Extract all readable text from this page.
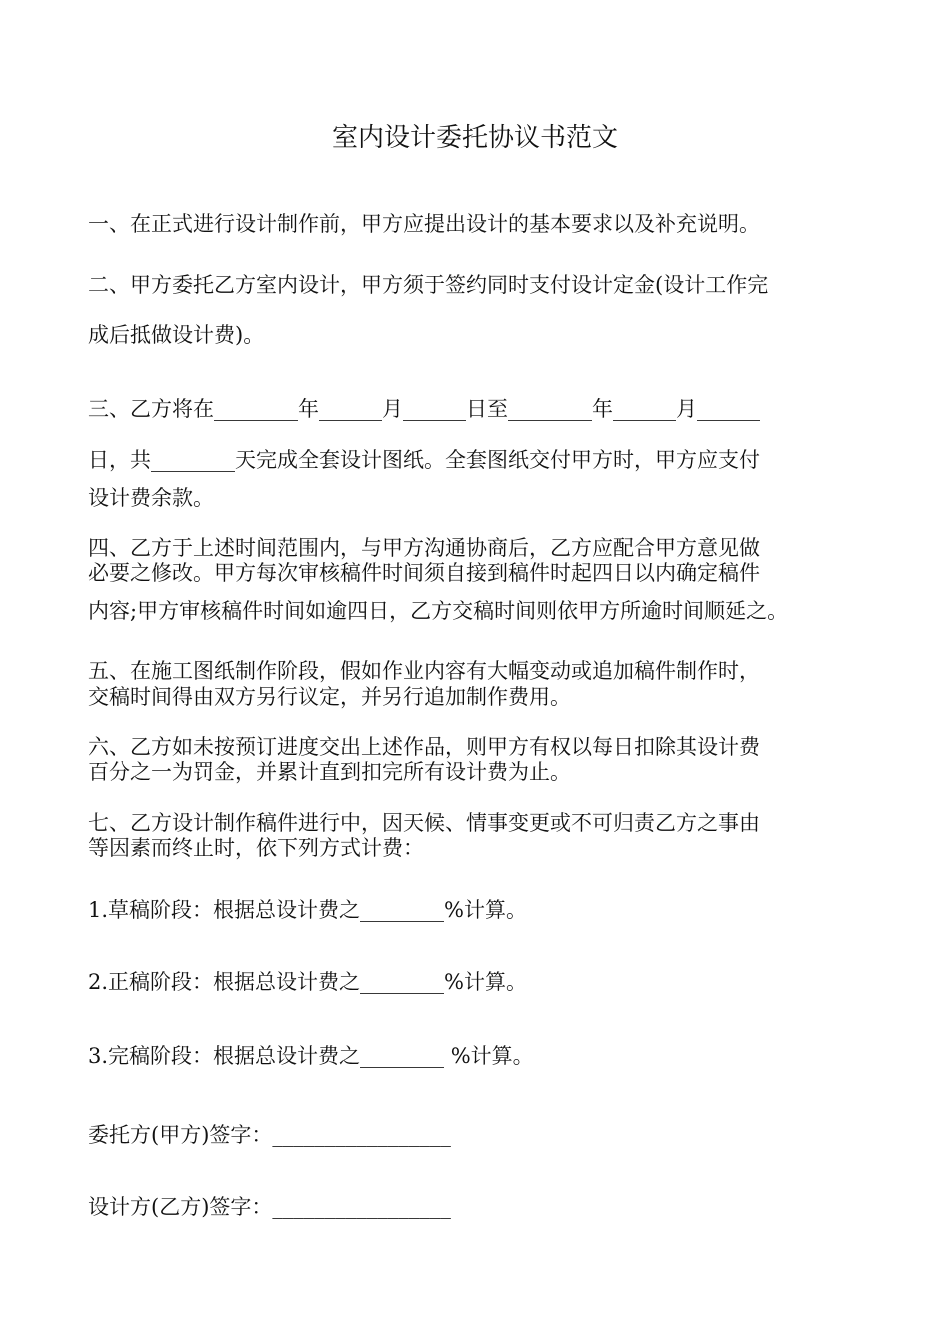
室内设计委托协议书范文
一、在正式进行设计制作前，甲方应提出设计的基本要求以及补充说明。
二、甲方委托乙方室内设计，甲方须于签约同时支付设计定金(设计工作完
成后抵做设计费)。
三、乙方将在________年______月______日至________年______月______
日，共________天完成全套设计图纸。全套图纸交付甲方时，甲方应支付
设计费余款。
四、乙方于上述时间范围内，与甲方沟通协商后，乙方应配合甲方意见做
必要之修改。甲方每次审核稿件时间须自接到稿件时起四日以内确定稿件
内容;甲方审核稿件时间如逾四日，乙方交稿时间则依甲方所逾时间顺延之。
五、在施工图纸制作阶段，假如作业内容有大幅变动或追加稿件制作时，
交稿时间得由双方另行议定，并另行追加制作费用。
六、乙方如未按预订进度交出上述作品，则甲方有权以每日扣除其设计费
百分之一为罚金，并累计直到扣完所有设计费为止。
七、乙方设计制作稿件进行中，因天候、情事变更或不可归责乙方之事由
等因素而终止时，依下列方式计费：
1.草稿阶段：根据总设计费之________%计算。
2.正稿阶段：根据总设计费之________%计算。
3.完稿阶段：根据总设计费之________ %计算。
委托方(甲方)签字：_________________
设计方(乙方)签字：_________________
